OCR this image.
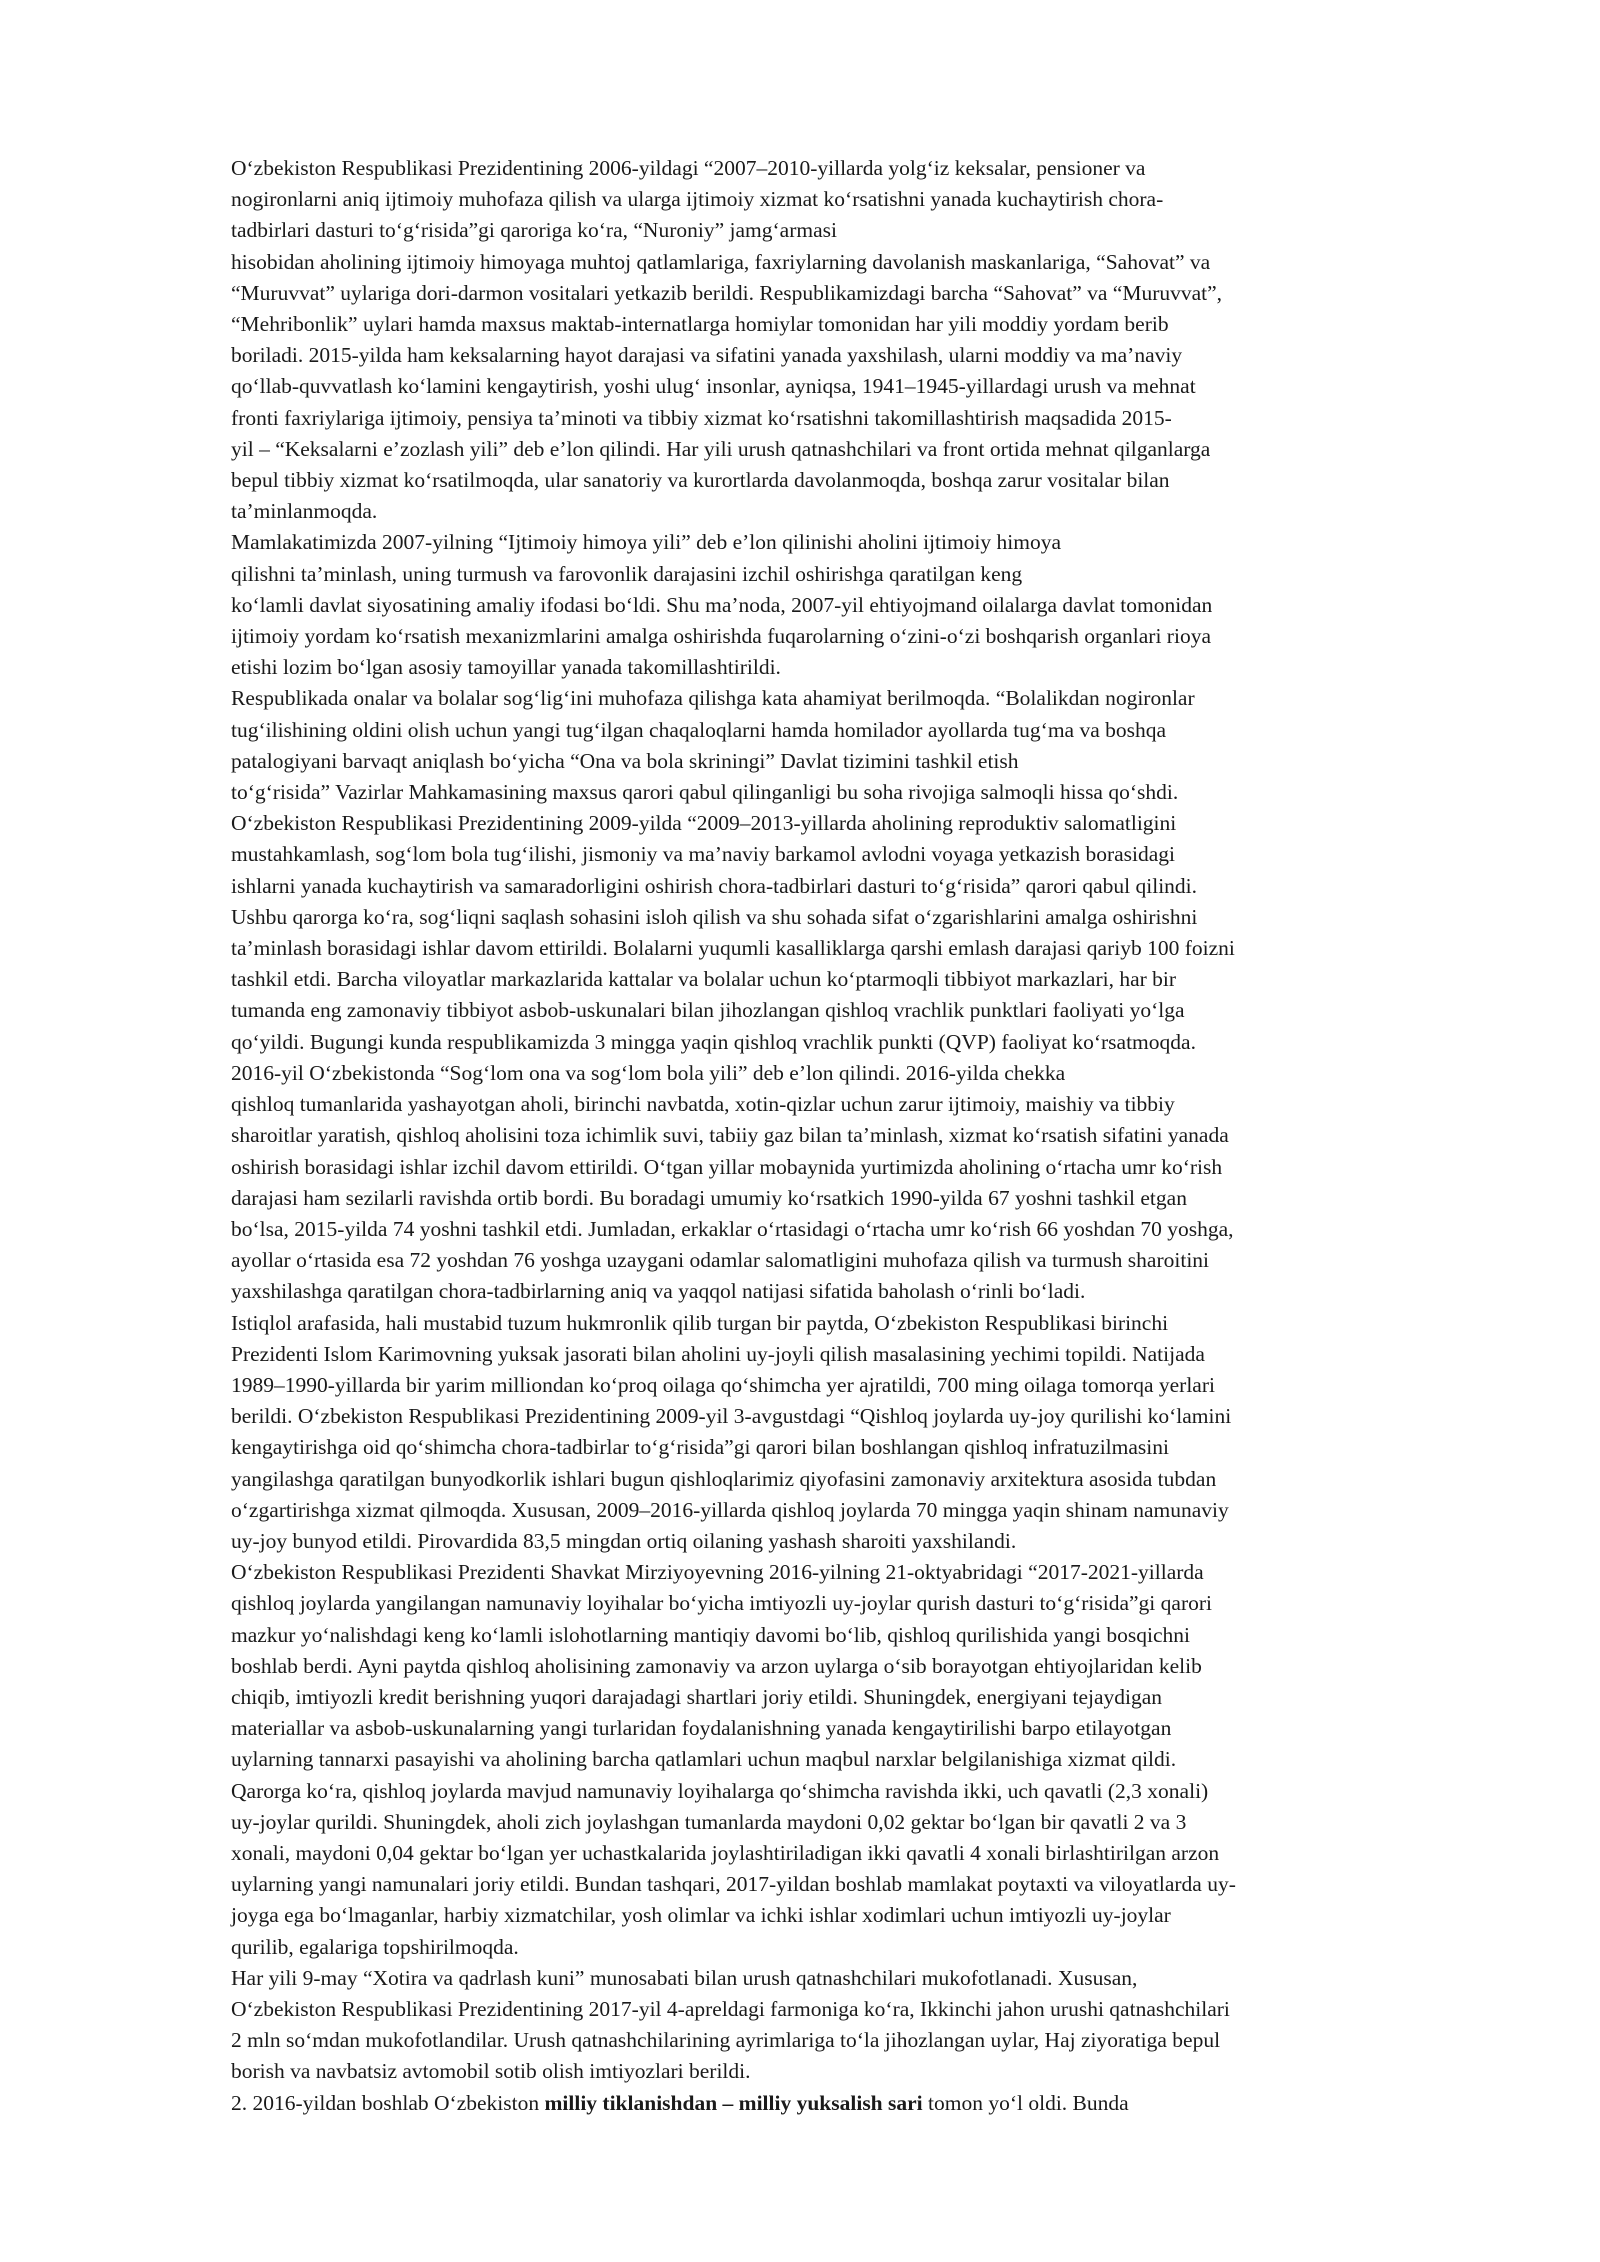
O‘zbekiston Respublikasi Prezidentining 2006-yildagi “2007–2010-yillarda yolg‘iz keksalar, pensioner va
nogironlarni aniq ijtimoiy muhofaza qilish va ularga ijtimoiy xizmat ko‘rsatishni yanada kuchaytirish chora-
tadbirlari dasturi to‘g‘risida”gi qaroriga ko‘ra, “Nuroniy” jamg‘armasi
hisobidan aholining ijtimoiy himoyaga muhtoj qatlamlariga, faxriylarning davolanish maskanlariga, “Sahovat” va
“Muruvvat” uylariga dori-darmon vositalari yetkazib berildi. Respublikamizdagi barcha “Sahovat” va “Muruvvat”,
“Mehribonlik” uylari hamda maxsus maktab-internatlarga homiylar tomonidan har yili moddiy yordam berib
boriladi. 2015-yilda ham keksalarning hayot darajasi va sifatini yanada yaxshilash, ularni moddiy va ma’naviy
qo‘llab-quvvatlash ko‘lamini kengaytirish, yoshi ulug‘ insonlar, ayniqsa, 1941–1945-yillardagi urush va mehnat
fronti faxriylariga ijtimoiy, pensiya ta’minoti va tibbiy xizmat ko‘rsatishni takomillashtirish maqsadida 2015-
yil – “Keksalarni e’zozlash yili” deb e’lon qilindi. Har yili urush qatnashchilari va front ortida mehnat qilganlarga
bepul tibbiy xizmat ko‘rsatilmoqda, ular sanatoriy va kurortlarda davolanmoqda, boshqa zarur vositalar bilan
ta’minlanmoqda.
Mamlakatimizda 2007-yilning “Ijtimoiy himoya yili” deb e’lon qilinishi aholini ijtimoiy himoya
qilishni ta’minlash, uning turmush va farovonlik darajasini izchil oshirishga qaratilgan keng
ko‘lamli davlat siyosatining amaliy ifodasi bo‘ldi. Shu ma’noda, 2007-yil ehtiyojmand oilalarga davlat tomonidan
ijtimoiy yordam ko‘rsatish mexanizmlarini amalga oshirishda fuqarolarning o‘zini-o‘zi boshqarish organlari rioya
etishi lozim bo‘lgan asosiy tamoyillar yanada takomillashtirildi.
Respublikada onalar va bolalar sog‘lig‘ini muhofaza qilishga kata ahamiyat berilmoqda. “Bolalikdan nogironlar
tug‘ilishining oldini olish uchun yangi tug‘ilgan chaqaloqlarni hamda homilador ayollarda tug‘ma va boshqa
patalogiyani barvaqt aniqlash bo‘yicha “Ona va bola skriningi” Davlat tizimini tashkil etish
to‘g‘risida” Vazirlar Mahkamasining maxsus qarori qabul qilinganligi bu soha rivojiga salmoqli hissa qo‘shdi.
O‘zbekiston Respublikasi Prezidentining 2009-yilda “2009–2013-yillarda aholining reproduktiv salomatligini
mustahkamlash, sog‘lom bola tug‘ilishi, jismoniy va ma’naviy barkamol avlodni voyaga yetkazish borasidagi
ishlarni yanada kuchaytirish va samaradorligini oshirish chora-tadbirlari dasturi to‘g‘risida” qarori qabul qilindi.
Ushbu qarorga ko‘ra, sog‘liqni saqlash sohasini isloh qilish va shu sohada sifat o‘zgarishlarini amalga oshirishni
ta’minlash borasidagi ishlar davom ettirildi. Bolalarni yuqumli kasalliklarga qarshi emlash darajasi qariyb 100 foizni
tashkil etdi. Barcha viloyatlar markazlarida kattalar va bolalar uchun ko‘ptarmoqli tibbiyot markazlari, har bir
tumanda eng zamonaviy tibbiyot asbob-uskunalari bilan jihozlangan qishloq vrachlik punktlari faoliyati yo‘lga
qo‘yildi. Bugungi kunda respublikamizda 3 mingga yaqin qishloq vrachlik punkti (QVP) faoliyat ko‘rsatmoqda.
2016-yil O‘zbekistonda “Sog‘lom ona va sog‘lom bola yili” deb e’lon qilindi. 2016-yilda chekka
qishloq tumanlarida yashayotgan aholi, birinchi navbatda, xotin-qizlar uchun zarur ijtimoiy, maishiy va tibbiy
sharoitlar yaratish, qishloq aholisini toza ichimlik suvi, tabiiy gaz bilan ta’minlash, xizmat ko‘rsatish sifatini yanada
oshirish borasidagi ishlar izchil davom ettirildi. O‘tgan yillar mobaynida yurtimizda aholining o‘rtacha umr ko‘rish
darajasi ham sezilarli ravishda ortib bordi. Bu boradagi umumiy ko‘rsatkich 1990-yilda 67 yoshni tashkil etgan
bo‘lsa, 2015-yilda 74 yoshni tashkil etdi. Jumladan, erkaklar o‘rtasidagi o‘rtacha umr ko‘rish 66 yoshdan 70 yoshga,
ayollar o‘rtasida esa 72 yoshdan 76 yoshga uzaygani odamlar salomatligini muhofaza qilish va turmush sharoitini
yaxshilashga qaratilgan chora-tadbirlarning aniq va yaqqol natijasi sifatida baholash o‘rinli bo‘ladi.
Istiqlol arafasida, hali mustabid tuzum hukmronlik qilib turgan bir paytda, O‘zbekiston Respublikasi birinchi
Prezidenti Islom Karimovning yuksak jasorati bilan aholini uy-joyli qilish masalasining yechimi topildi. Natijada
1989–1990-yillarda bir yarim milliondan ko‘proq oilaga qo‘shimcha yer ajratildi, 700 ming oilaga tomorqa yerlari
berildi. O‘zbekiston Respublikasi Prezidentining 2009-yil 3-avgustdagi “Qishloq joylarda uy-joy qurilishi ko‘lamini
kengaytirishga oid qo‘shimcha chora-tadbirlar to‘g‘risida”gi qarori bilan boshlangan qishloq infratuzilmasini
yangilashga qaratilgan bunyodkorlik ishlari bugun qishloqlarimiz qiyofasini zamonaviy arxitektura asosida tubdan
o‘zgartirishga xizmat qilmoqda. Xususan, 2009–2016-yillarda qishloq joylarda 70 mingga yaqin shinam namunaviy
uy-joy bunyod etildi. Pirovardida 83,5 mingdan ortiq oilaning yashash sharoiti yaxshilandi.
O‘zbekiston Respublikasi Prezidenti Shavkat Mirziyoyevning 2016-yilning 21-oktyabridagi “2017-2021-yillarda
qishloq joylarda yangilangan namunaviy loyihalar bo‘yicha imtiyozli uy-joylar qurish dasturi to‘g‘risida”gi qarori
mazkur yo‘nalishdagi keng ko‘lamli islohotlarning mantiqiy davomi bo‘lib, qishloq qurilishida yangi bosqichni
boshlab berdi. Ayni paytda qishloq aholisining zamonaviy va arzon uylarga o‘sib borayotgan ehtiyojlaridan kelib
chiqib, imtiyozli kredit berishning yuqori darajadagi shartlari joriy etildi. Shuningdek, energiyani tejaydigan
materiallar va asbob-uskunalarning yangi turlaridan foydalanishning yanada kengaytirilishi barpo etilayotgan
uylarning tannarxi pasayishi va aholining barcha qatlamlari uchun maqbul narxlar belgilanishiga xizmat qildi.
Qarorga ko‘ra, qishloq joylarda mavjud namunaviy loyihalarga qo‘shimcha ravishda ikki, uch qavatli (2,3 xonali)
uy-joylar qurildi. Shuningdek, aholi zich joylashgan tumanlarda maydoni 0,02 gektar bo‘lgan bir qavatli 2 va 3
xonali, maydoni 0,04 gektar bo‘lgan yer uchastkalarida joylashtiriladigan ikki qavatli 4 xonali birlashtirilgan arzon
uylarning yangi namunalari joriy etildi. Bundan tashqari, 2017-yildan boshlab mamlakat poytaxti va viloyatlarda uy-
joyga ega bo‘lmaganlar, harbiy xizmatchilar, yosh olimlar va ichki ishlar xodimlari uchun imtiyozli uy-joylar
qurilib, egalariga topshirilmoqda.
Har yili 9-may “Xotira va qadrlash kuni” munosabati bilan urush qatnashchilari mukofotlanadi. Xususan,
O‘zbekiston Respublikasi Prezidentining 2017-yil 4-apreldagi farmoniga ko‘ra, Ikkinchi jahon urushi qatnashchilari
2 mln so‘mdan mukofotlandilar. Urush qatnashchilarining ayrimlariga to‘la jihozlangan uylar, Haj ziyoratiga bepul
borish va navbatsiz avtomobil sotib olish imtiyozlari berildi.
2. 2016-yildan boshlab O‘zbekiston milliy tiklanishdan – milliy yuksalish sari tomon yo‘l oldi. Bunda
